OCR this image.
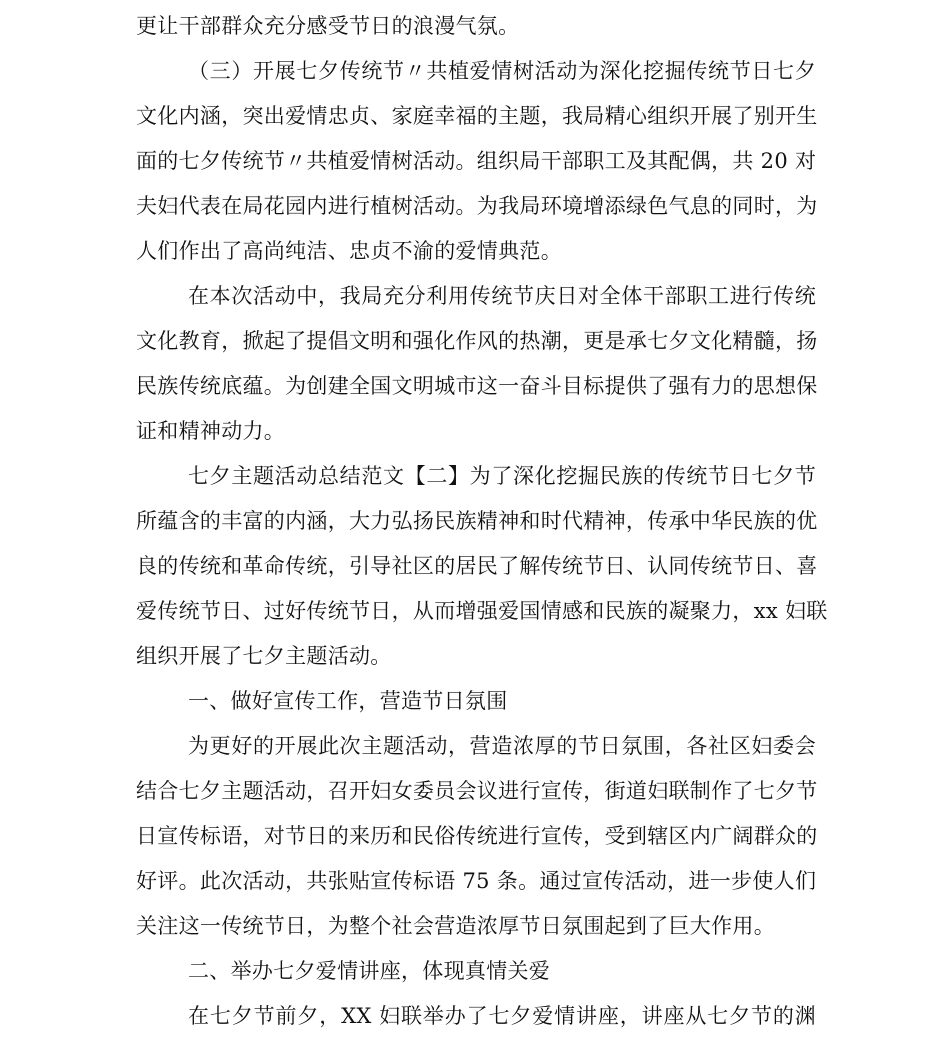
更让干部群众充分感受节日的浪漫气氛。
（三）开展七夕传统节〃共植爱情树活动为深化挖掘传统节日七夕
文化内涵，突出爱情忠贞、家庭幸福的主题，我局精心组织开展了别开生
面的七夕传统节〃共植爱情树活动。组织局干部职工及其配偶，共 20 对
夫妇代表在局花园内进行植树活动。为我局环境增添绿色气息的同时，为
人们作出了高尚纯洁、忠贞不渝的爱情典范。
在本次活动中，我局充分利用传统节庆日对全体干部职工进行传统
文化教育，掀起了提倡文明和强化作风的热潮，更是承七夕文化精髓，扬
民族传统底蕴。为创建全国文明城市这一奋斗目标提供了强有力的思想保
证和精神动力。
七夕主题活动总结范文【二】为了深化挖掘民族的传统节日七夕节
所蕴含的丰富的内涵，大力弘扬民族精神和时代精神，传承中华民族的优
良的传统和革命传统，引导社区的居民了解传统节日、认同传统节日、喜
爱传统节日、过好传统节日，从而增强爱国情感和民族的凝聚力，xx 妇联
组织开展了七夕主题活动。
一、做好宣传工作，营造节日氛围
为更好的开展此次主题活动，营造浓厚的节日氛围，各社区妇委会
结合七夕主题活动，召开妇女委员会议进行宣传，街道妇联制作了七夕节
日宣传标语，对节日的来历和民俗传统进行宣传，受到辖区内广阔群众的
好评。此次活动，共张贴宣传标语 75 条。通过宣传活动，进一步使人们
关注这一传统节日，为整个社会营造浓厚节日氛围起到了巨大作用。
二、举办七夕爱情讲座，体现真情关爱
在七夕节前夕，XX 妇联举办了七夕爱情讲座，讲座从七夕节的渊
